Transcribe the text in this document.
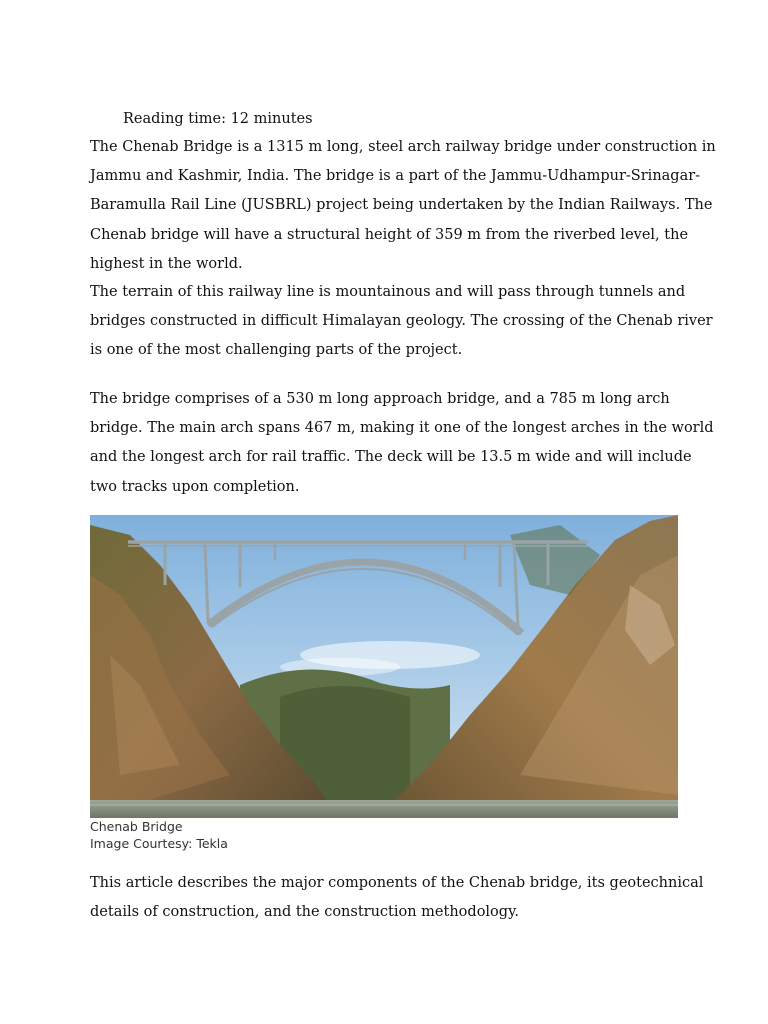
Reading time: 12 minutes

The Chenab Bridge is a 1315 m long, steel arch railway bridge under construction in
Jammu and Kashmir, India. The bridge is a part of the Jammu-Udhampur-Srinagar-
Baramulla Rail Line (JUSBRL) project being undertaken by the Indian Railways. The
Chenab bridge will have a structural height of 359 m from the riverbed level, the
highest in the world.

The terrain of this railway line is mountainous and will pass through tunnels and
bridges constructed in difficult Himalayan geology. The crossing of the Chenab river
is one of the most challenging parts of the project.

The bridge comprises of a 530 m long approach bridge, and a 785 m long arch
bridge. The main arch spans 467 m, making it one of the longest arches in the world
and the longest arch for rail traffic. The deck will be 13.5 m wide and will include
two tracks upon completion.

Chenab Bridge
Image Courtesy: Tekla

This article describes the major components of the Chenab bridge, its geotechnical
details of construction, and the construction methodology.
